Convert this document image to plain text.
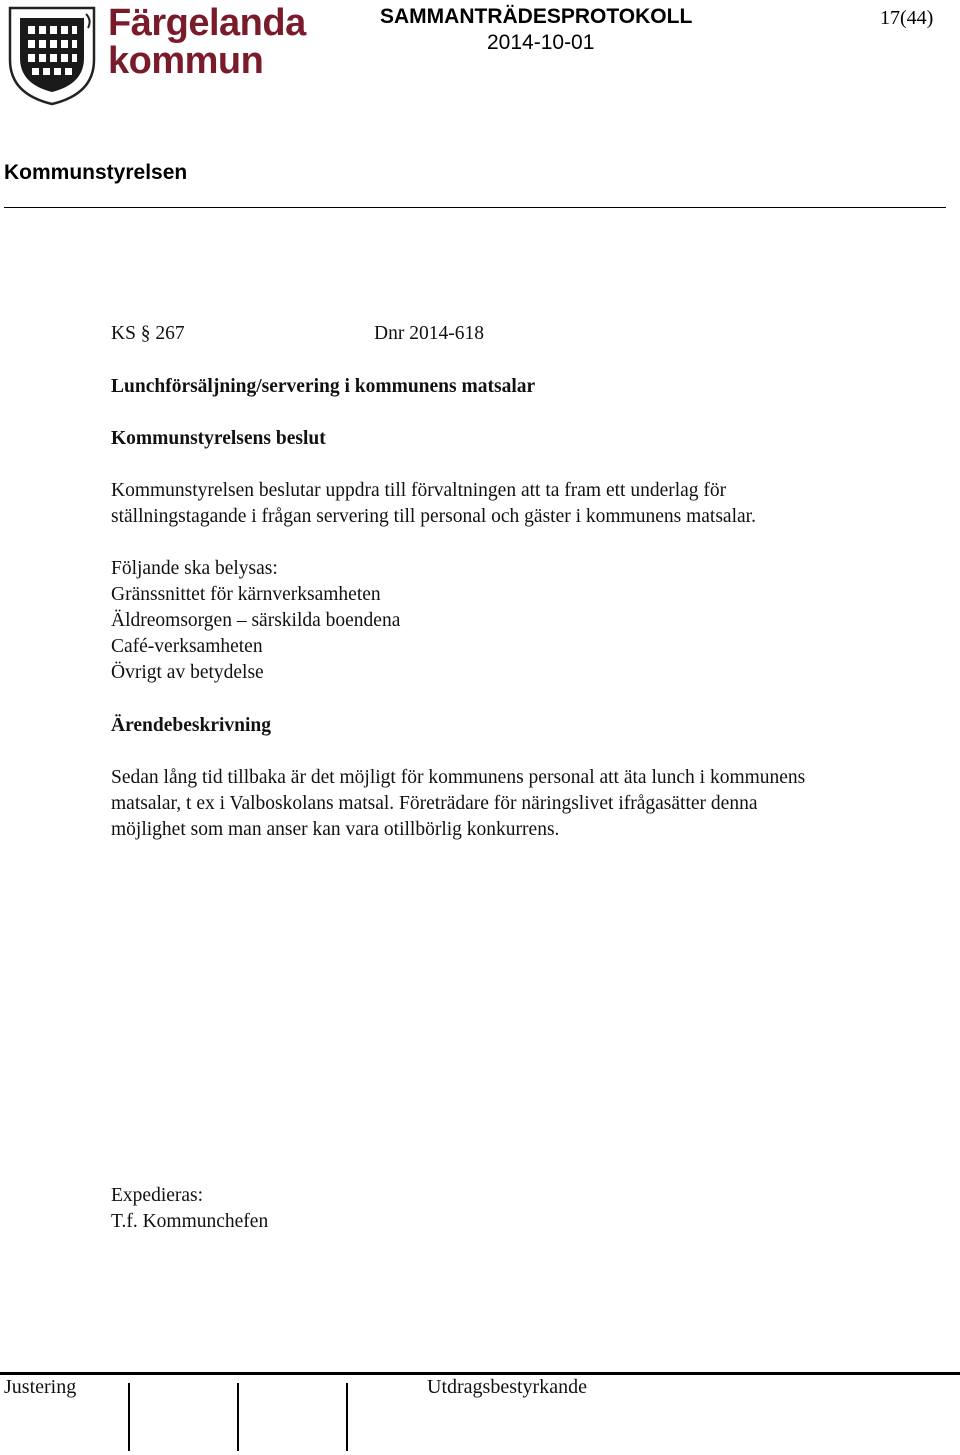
Färgelanda
kommun
SAMMANTRÄDESPROTOKOLL
2014-10-01
17(44)
Kommunstyrelsen
KS § 267	Dnr 2014-618
Lunchförsäljning/servering i kommunens matsalar
Kommunstyrelsens beslut
Kommunstyrelsen beslutar uppdra till förvaltningen att ta fram ett underlag för
ställningstagande i frågan servering till personal och gäster i kommunens matsalar.
Följande ska belysas:
Gränssnittet för kärnverksamheten
Äldreomsorgen – särskilda boendena
Café-verksamheten
Övrigt av betydelse
Ärendebeskrivning
Sedan lång tid tillbaka är det möjligt för kommunens personal att äta lunch i kommunens
matsalar, t ex i Valboskolans matsal. Företrädare för näringslivet ifrågasätter denna
möjlighet som man anser kan vara otillbörlig konkurrens.
Expedieras:
T.f. Kommunchefen
Justering	Utdragsbestyrkande
